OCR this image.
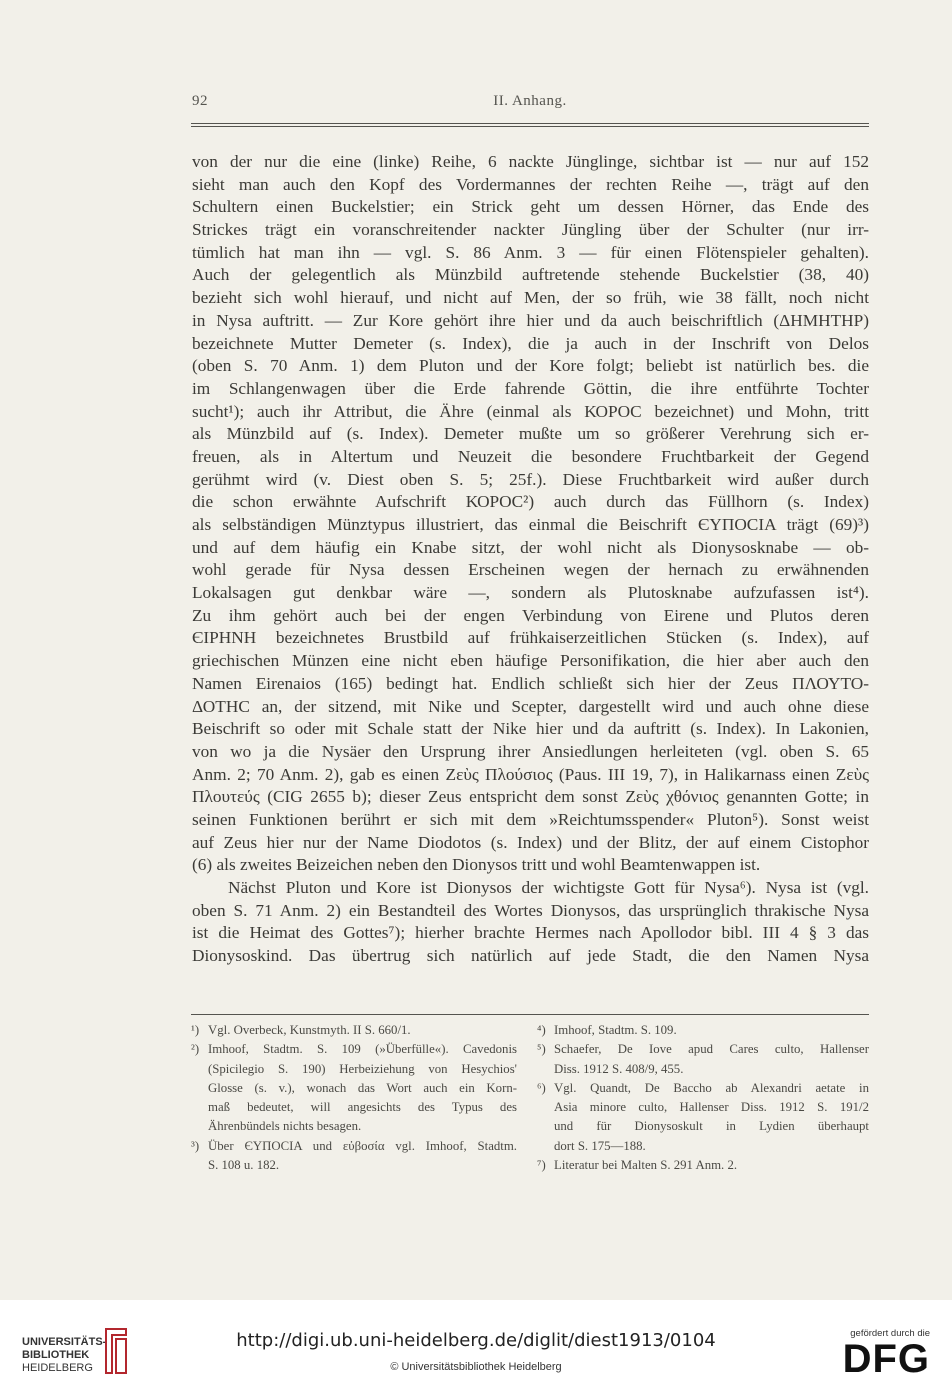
92	II. Anhang.
von der nur die eine (linke) Reihe, 6 nackte Jünglinge, sichtbar ist — nur auf 152
sieht man auch den Kopf des Vordermannes der rechten Reihe —, trägt auf den
Schultern einen Buckelstier; ein Strick geht um dessen Hörner, das Ende des
Strickes trägt ein voranschreitender nackter Jüngling über der Schulter (nur irr-
tümlich hat man ihn — vgl. S. 86 Anm. 3 — für einen Flötenspieler gehalten).
Auch der gelegentlich als Münzbild auftretende stehende Buckelstier (38, 40)
bezieht sich wohl hierauf, und nicht auf Men, der so früh, wie 38 fällt, noch nicht
in Nysa auftritt. — Zur Kore gehört ihre hier und da auch beischriftlich (ΔΗΜΗΤΗΡ)
bezeichnete Mutter Demeter (s. Index), die ja auch in der Inschrift von Delos
(oben S. 70 Anm. 1) dem Pluton und der Kore folgt; beliebt ist natürlich bes. die
im Schlangenwagen über die Erde fahrende Göttin, die ihre entführte Tochter
sucht¹); auch ihr Attribut, die Ähre (einmal als ΚΟΡΟC bezeichnet) und Mohn, tritt
als Münzbild auf (s. Index). Demeter mußte um so größerer Verehrung sich er-
freuen, als in Altertum und Neuzeit die besondere Fruchtbarkeit der Gegend
gerühmt wird (v. Diest oben S. 5; 25f.). Diese Fruchtbarkeit wird außer durch
die schon erwähnte Aufschrift ΚΟΡΟC²) auch durch das Füllhorn (s. Index)
als selbständigen Münztypus illustriert, das einmal die Beischrift ЄΥΠΟCΙΑ trägt (69)³)
und auf dem häufig ein Knabe sitzt, der wohl nicht als Dionysosknabe — ob-
wohl gerade für Nysa dessen Erscheinen wegen der hernach zu erwähnenden
Lokalsagen gut denkbar wäre —, sondern als Plutosknabe aufzufassen ist⁴).
Zu ihm gehört auch bei der engen Verbindung von Eirene und Plutos deren
ЄΙΡΗΝΗ bezeichnetes Brustbild auf frühkaiserzeitlichen Stücken (s. Index), auf
griechischen Münzen eine nicht eben häufige Personifikation, die hier aber auch den
Namen Eirenaios (165) bedingt hat. Endlich schließt sich hier der Zeus ΠΛΟΥΤΟ-
ΔΟΤΗC an, der sitzend, mit Nike und Scepter, dargestellt wird und auch ohne diese
Beischrift so oder mit Schale statt der Nike hier und da auftritt (s. Index). In Lakonien,
von wo ja die Nysäer den Ursprung ihrer Ansiedlungen herleiteten (vgl. oben S. 65
Anm. 2; 70 Anm. 2), gab es einen Ζεὺς Πλούσιος (Paus. III 19, 7), in Halikarnass einen Ζεὺς
Πλουτεύς (CIG 2655 b); dieser Zeus entspricht dem sonst Ζεὺς χθόνιος genannten Gotte; in
seinen Funktionen berührt er sich mit dem »Reichtumsspender« Pluton⁵). Sonst weist
auf Zeus hier nur der Name Diodotos (s. Index) und der Blitz, der auf einem Cistophor
(6) als zweites Beizeichen neben den Dionysos tritt und wohl Beamtenwappen ist.
Nächst Pluton und Kore ist Dionysos der wichtigste Gott für Nysa⁶). Nysa ist (vgl.
oben S. 71 Anm. 2) ein Bestandteil des Wortes Dionysos, das ursprünglich thrakische Nysa
ist die Heimat des Gottes⁷); hierher brachte Hermes nach Apollodor bibl. III 4 § 3 das
Dionysoskind. Das übertrug sich natürlich auf jede Stadt, die den Namen Nysa
¹) Vgl. Overbeck, Kunstmyth. II S. 660/1.
²) Imhoof, Stadtm. S. 109 (»Überfülle«). Cavedonis
(Spicilegio S. 190) Herbeiziehung von Hesychios'
Glosse (s. v.), wonach das Wort auch ein Korn-
maß bedeutet, will angesichts des Typus des
Ährenbündels nichts besagen.
³) Über ЄΥΠΟCΙΑ und εὐβοσία vgl. Imhoof, Stadtm.
S. 108 u. 182.
⁴) Imhoof, Stadtm. S. 109.
⁵) Schaefer, De Iove apud Cares culto, Hallenser
Diss. 1912 S. 408/9, 455.
⁶) Vgl. Quandt, De Baccho ab Alexandri aetate in
Asia minore culto, Hallenser Diss. 1912 S. 191/2
und für Dionysoskult in Lydien überhaupt
dort S. 175—188.
⁷) Literatur bei Malten S. 291 Anm. 2.
UNIVERSITÄTS-
BIBLIOTHEK
HEIDELBERG
http://digi.ub.uni-heidelberg.de/diglit/diest1913/0104
© Universitätsbibliothek Heidelberg
gefördert durch die
DFG
